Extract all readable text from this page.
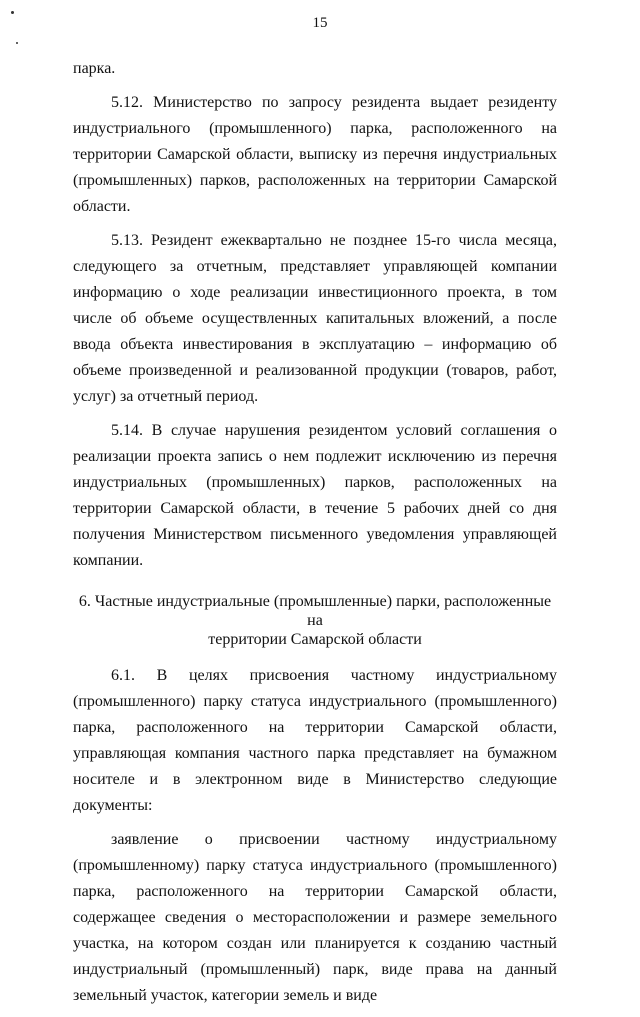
15

парка.

5.12. Министерство по запросу резидента выдает резиденту индустриального (промышленного) парка, расположенного на территории Самарской области, выписку из перечня индустриальных (промышленных) парков, расположенных на территории Самарской области.

5.13. Резидент ежеквартально не позднее 15-го числа месяца, следующего за отчетным, представляет управляющей компании информацию о ходе реализации инвестиционного проекта, в том числе об объеме осуществленных капитальных вложений, а после ввода объекта инвестирования в эксплуатацию – информацию об объеме произведенной и реализованной продукции (товаров, работ, услуг) за отчетный период.

5.14. В случае нарушения резидентом условий соглашения о реализации проекта запись о нем подлежит исключению из перечня индустриальных (промышленных) парков, расположенных на территории Самарской области, в течение 5 рабочих дней со дня получения Министерством письменного уведомления управляющей компании.

6. Частные индустриальные (промышленные) парки, расположенные на
территории Самарской области

6.1. В целях присвоения частному индустриальному (промышленного) парку статуса индустриального (промышленного) парка, расположенного на территории Самарской области, управляющая компания частного парка представляет на бумажном носителе и в электронном виде в Министерство следующие документы:

заявление о присвоении частному индустриальному (промышленному) парку статуса индустриального (промышленного) парка, расположенного на территории Самарской области, содержащее сведения о месторасположении и размере земельного участка, на котором создан или планируется к созданию частный индустриальный (промышленный) парк, виде права на данный земельный участок, категории земель и виде
